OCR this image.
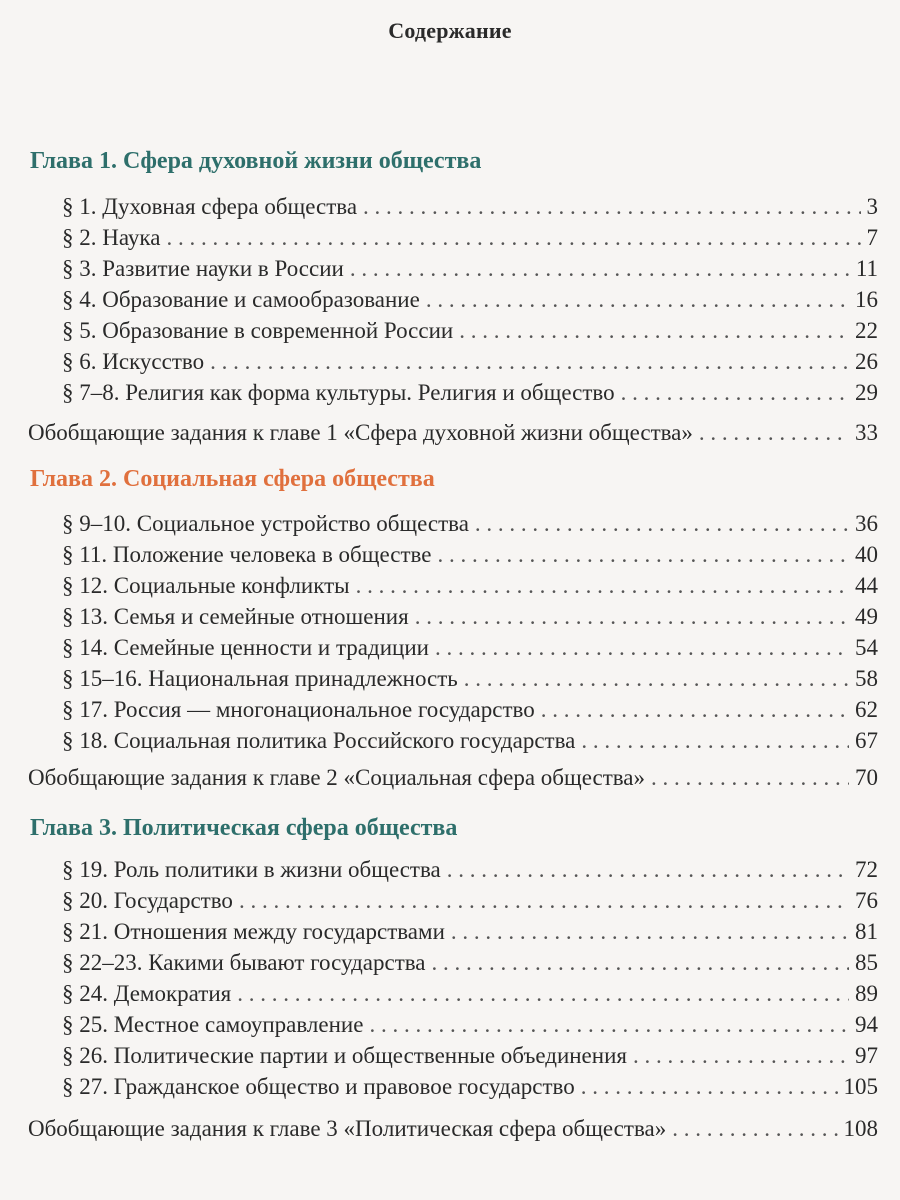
Содержание
Глава 1. Сфера духовной жизни общества
§ 1. Духовная сфера общества . . .	3
§ 2. Наука . . .	7
§ 3. Развитие науки в России . . .	11
§ 4. Образование и самообразование . . .	16
§ 5. Образование в современной России . . .	22
§ 6. Искусство . . .	26
§ 7–8. Религия как форма культуры. Религия и общество . . .	29
Обобщающие задания к главе 1 «Сфера духовной жизни общества» . . .	33
Глава 2. Социальная сфера общества
§ 9–10. Социальное устройство общества . . .	36
§ 11. Положение человека в обществе . . .	40
§ 12. Социальные конфликты . . .	44
§ 13. Семья и семейные отношения . . .	49
§ 14. Семейные ценности и традиции . . .	54
§ 15–16. Национальная принадлежность . . .	58
§ 17. Россия — многонациональное государство . . .	62
§ 18. Социальная политика Российского государства . . .	67
Обобщающие задания к главе 2 «Социальная сфера общества» . . .	70
Глава 3. Политическая сфера общества
§ 19. Роль политики в жизни общества . . .	72
§ 20. Государство . . .	76
§ 21. Отношения между государствами . . .	81
§ 22–23. Какими бывают государства . . .	85
§ 24. Демократия . . .	89
§ 25. Местное самоуправление . . .	94
§ 26. Политические партии и общественные объединения . . .	97
§ 27. Гражданское общество и правовое государство . . .	105
Обобщающие задания к главе 3 «Политическая сфера общества» . . .	108
